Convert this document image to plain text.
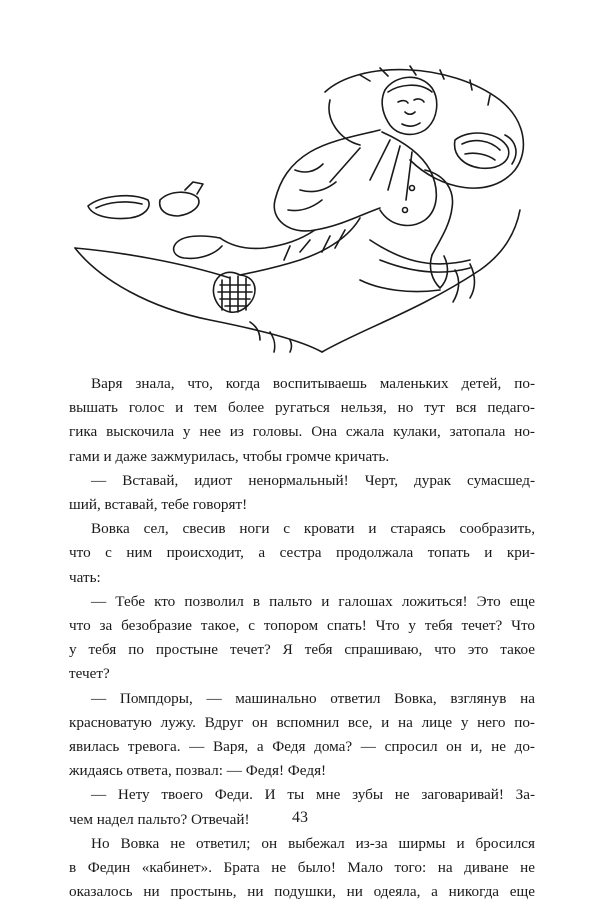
Варя знала, что, когда воспитываешь маленьких детей, по-
вышать голос и тем более ругаться нельзя, но тут вся педаго-
гика выскочила у нее из головы. Она сжала кулаки, затопала но-
гами и даже зажмурилась, чтобы громче кричать.
— Вставай, идиот ненормальный! Черт, дурак сумасшед-
ший, вставай, тебе говорят!
Вовка сел, свесив ноги с кровати и стараясь сообразить,
что с ним происходит, а сестра продолжала топать и кри-
чать:
— Тебе кто позволил в пальто и галошах ложиться! Это еще
что за безобразие такое, с топором спать! Что у тебя течет? Что
у тебя по простыне течет? Я тебя спрашиваю, что это такое
течет?
— Помпдоры, — машинально ответил Вовка, взглянув на
красноватую лужу. Вдруг он вспомнил все, и на лице у него по-
явилась тревога. — Варя, а Федя дома? — спросил он и, не до-
жидаясь ответа, позвал: — Федя! Федя!
— Нету твоего Феди. И ты мне зубы не заговаривай! За-
чем надел пальто? Отвечай!
Но Вовка не ответил; он выбежал из-за ширмы и бросился
в Федин «кабинет». Брата не было! Мало того: на диване не
оказалось ни простынь, ни подушки, ни одеяла, а никогда еще
43
